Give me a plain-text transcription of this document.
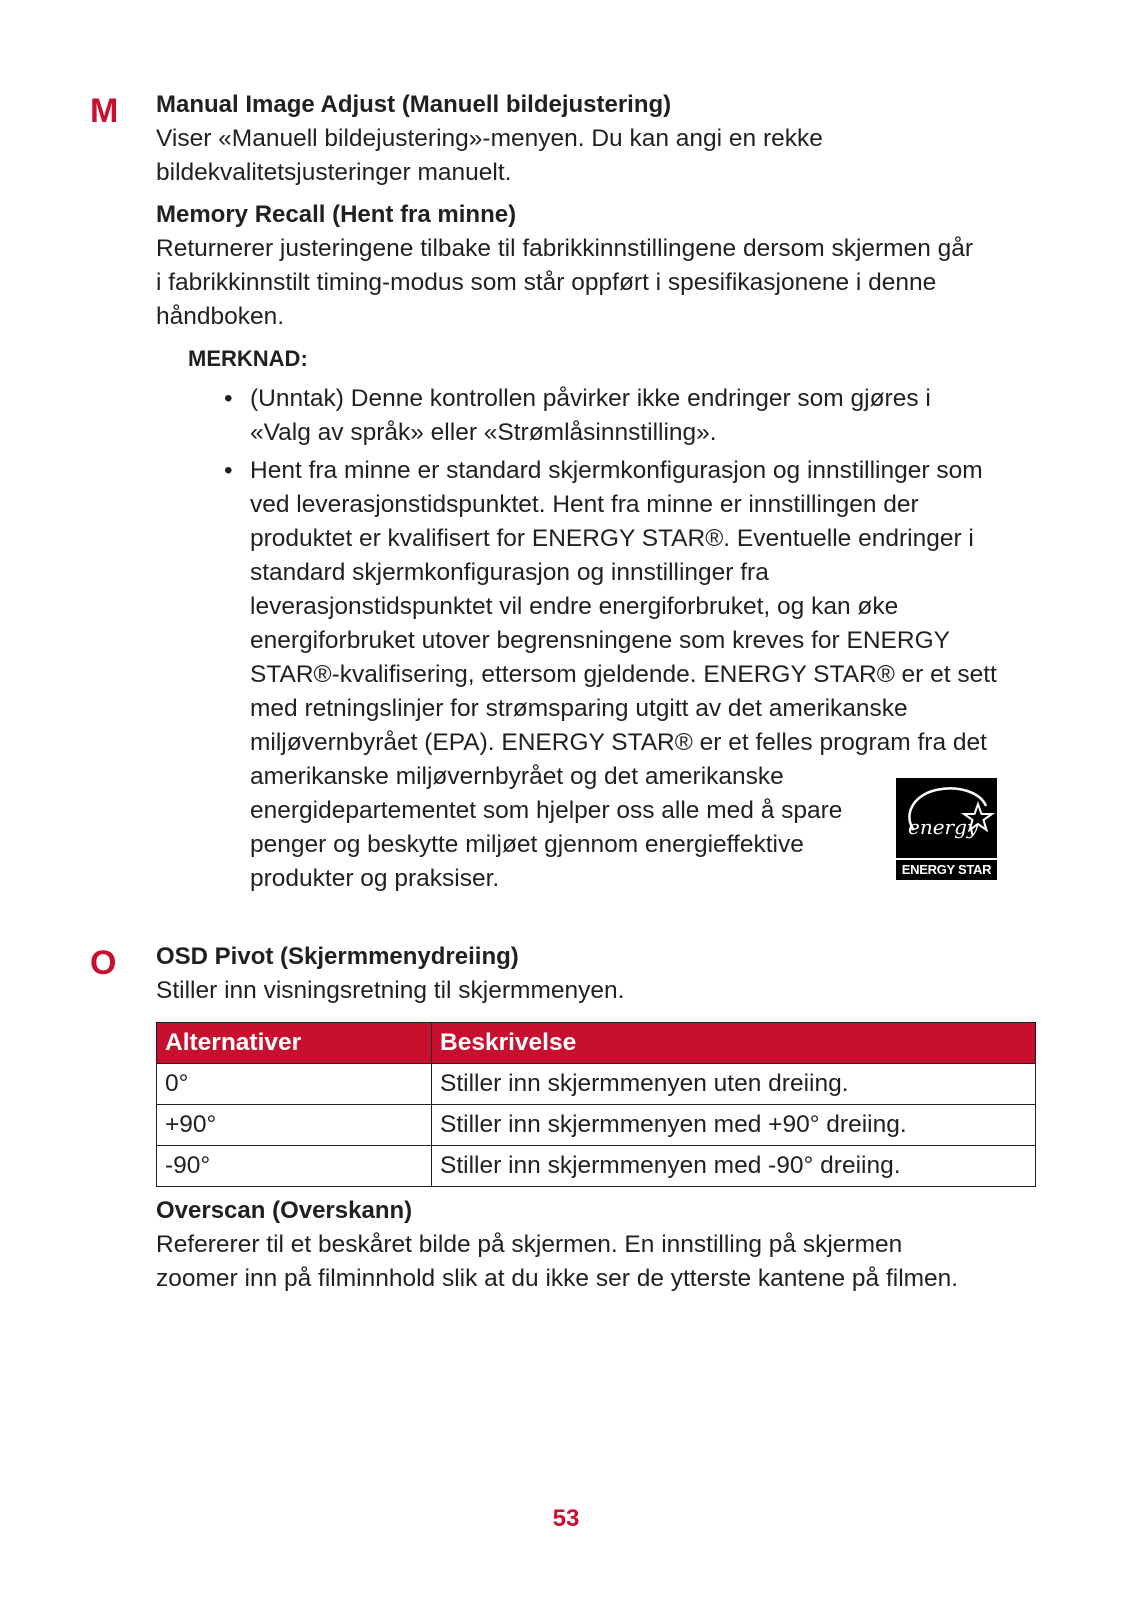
M Manual Image Adjust (Manuell bildejustering)

Viser «Manuell bildejustering»-menyen. Du kan angi en rekke

bildekvalitetsjusteringer manuelt.

Memory Recall (Hent fra minne)

Returnerer justeringene tilbake til fabrikkinnstillingene dersom skjermen går

i fabrikkinnstilt timing-modus som står oppført i spesifikasjonene i denne

håndboken.

MERKNAD:
• (Unntak) Denne kontrollen påvirker ikke endringer som gjøres i
«Valg av språk» eller «Strømlåsinnstilling».
• Hent fra minne er standard skjermkonfigurasjon og innstillinger som
ved leverasjonstidspunktet. Hent fra minne er innstillingen der
produktet er kvalifisert for ENERGY STAR®. Eventuelle endringer i
standard skjermkonfigurasjon og innstillinger fra
leverasjonstidspunktet vil endre energiforbruket, og kan øke
energiforbruket utover begrensningene som kreves for ENERGY
STAR®-kvalifisering, ettersom gjeldende. ENERGY STAR® er et sett
med retningslinjer for strømsparing utgitt av det amerikanske
miljøvernbyrået (EPA). ENERGY STAR® er et felles program fra det
amerikanske miljøvernbyrået og det amerikanske
energidepartementet som hjelper oss alle med å spare
penger og beskytte miljøet gjennom energieffektive
produkter og praksiser.
energy
ENERGY STAR
O OSD Pivot (Skjermmenydreiing)

Stiller inn visningsretning til skjermmenyen.

Alternativer	Beskrivelse
0°	Stiller inn skjermmenyen uten dreiing.
+90°	Stiller inn skjermmenyen med +90° dreiing.
-90°	Stiller inn skjermmenyen med -90° dreiing.
Overscan (Overskann)

Refererer til et beskåret bilde på skjermen. En innstilling på skjermen

zoomer inn på filminnhold slik at du ikke ser de ytterste kantene på filmen.

53
